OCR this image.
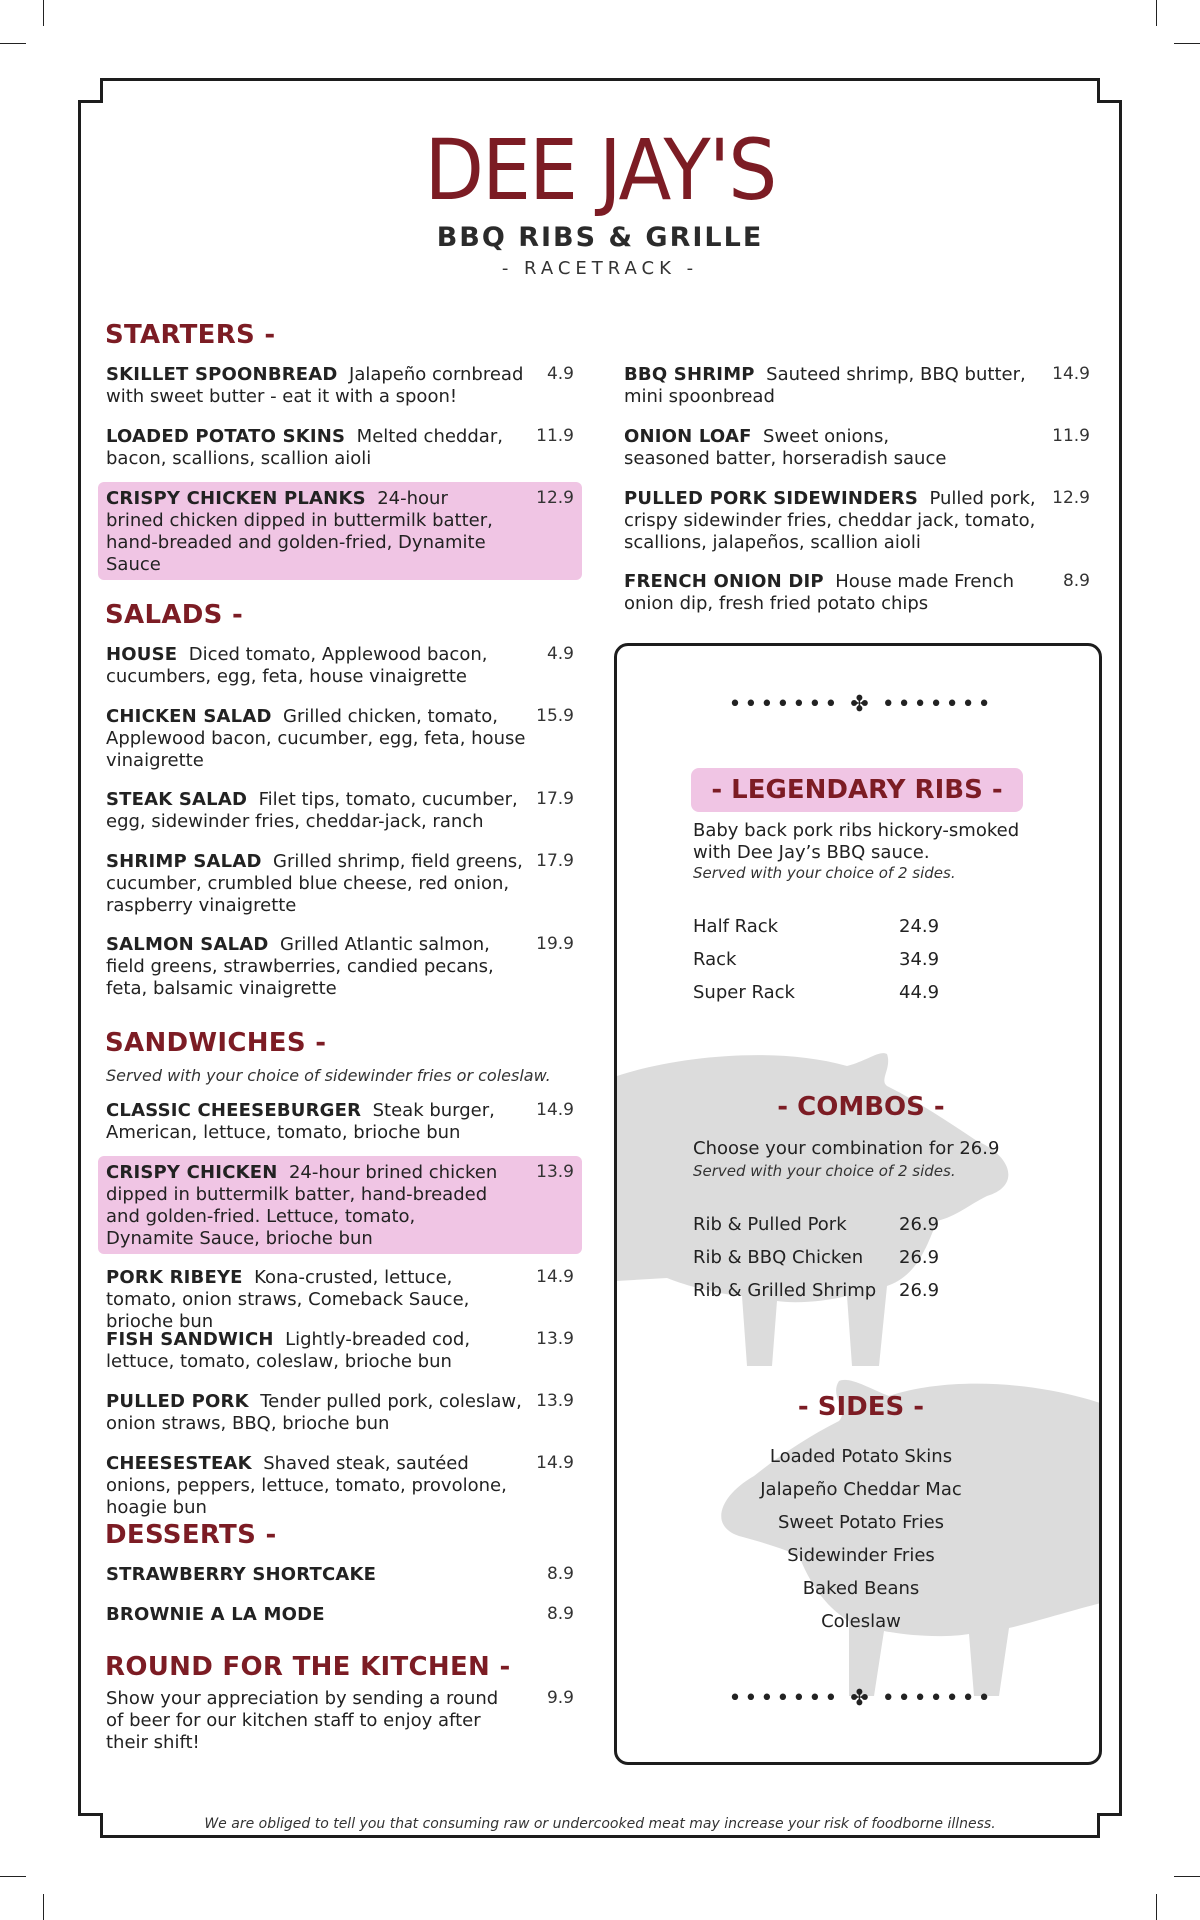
DEE JAY'S
BBQ RIBS & GRILLE
- RACETRACK -
STARTERS -
SKILLET SPOONBREAD Jalapeño cornbread with sweet butter - eat it with a spoon!
4.9
LOADED POTATO SKINS Melted cheddar, bacon, scallions, scallion aioli
11.9
CRISPY CHICKEN PLANKS 24-hour brined chicken dipped in buttermilk batter, hand-breaded and golden-fried, Dynamite Sauce
12.9
BBQ SHRIMP Sauteed shrimp, BBQ butter, mini spoonbread
14.9
ONION LOAF Sweet onions, seasoned batter, horseradish sauce
11.9
PULLED PORK SIDEWINDERS Pulled pork, crispy sidewinder fries, cheddar jack, tomato, scallions, jalapeños, scallion aioli
12.9
FRENCH ONION DIP House made French onion dip, fresh fried potato chips
8.9
SALADS -
HOUSE Diced tomato, Applewood bacon, cucumbers, egg, feta, house vinaigrette
4.9
CHICKEN SALAD Grilled chicken, tomato, Applewood bacon, cucumber, egg, feta, house vinaigrette
15.9
STEAK SALAD Filet tips, tomato, cucumber, egg, sidewinder fries, cheddar-jack, ranch
17.9
SHRIMP SALAD Grilled shrimp, field greens, cucumber, crumbled blue cheese, red onion, raspberry vinaigrette
17.9
SALMON SALAD Grilled Atlantic salmon, field greens, strawberries, candied pecans, feta, balsamic vinaigrette
19.9
SANDWICHES -
Served with your choice of sidewinder fries or coleslaw.
CLASSIC CHEESEBURGER Steak burger, American, lettuce, tomato, brioche bun
14.9
CRISPY CHICKEN 24-hour brined chicken dipped in buttermilk batter, hand-breaded and golden-fried. Lettuce, tomato, Dynamite Sauce, brioche bun
13.9
PORK RIBEYE Kona-crusted, lettuce, tomato, onion straws, Comeback Sauce, brioche bun
14.9
FISH SANDWICH Lightly-breaded cod, lettuce, tomato, coleslaw, brioche bun
13.9
PULLED PORK Tender pulled pork, coleslaw, onion straws, BBQ, brioche bun
13.9
CHEESESTEAK Shaved steak, sautéed onions, peppers, lettuce, tomato, provolone, hoagie bun
14.9
DESSERTS -
STRAWBERRY SHORTCAKE	8.9
BROWNIE A LA MODE	8.9
ROUND FOR THE KITCHEN -
Show your appreciation by sending a round of beer for our kitchen staff to enjoy after their shift!
9.9
••••••• ✤ •••••••
- LEGENDARY RIBS -
Baby back pork ribs hickory-smoked with Dee Jay’s BBQ sauce.
Served with your choice of 2 sides.
Half Rack	24.9
Rack	34.9
Super Rack	44.9
- COMBOS -
Choose your combination for 26.9
Served with your choice of 2 sides.
Rib & Pulled Pork	26.9
Rib & BBQ Chicken 26.9
Rib & Grilled Shrimp 26.9
- SIDES -
Loaded Potato Skins
Jalapeño Cheddar Mac
Sweet Potato Fries
Sidewinder Fries
Baked Beans
Coleslaw
••••••• ✤ •••••••
We are obliged to tell you that consuming raw or undercooked meat may increase your risk of foodborne illness.
